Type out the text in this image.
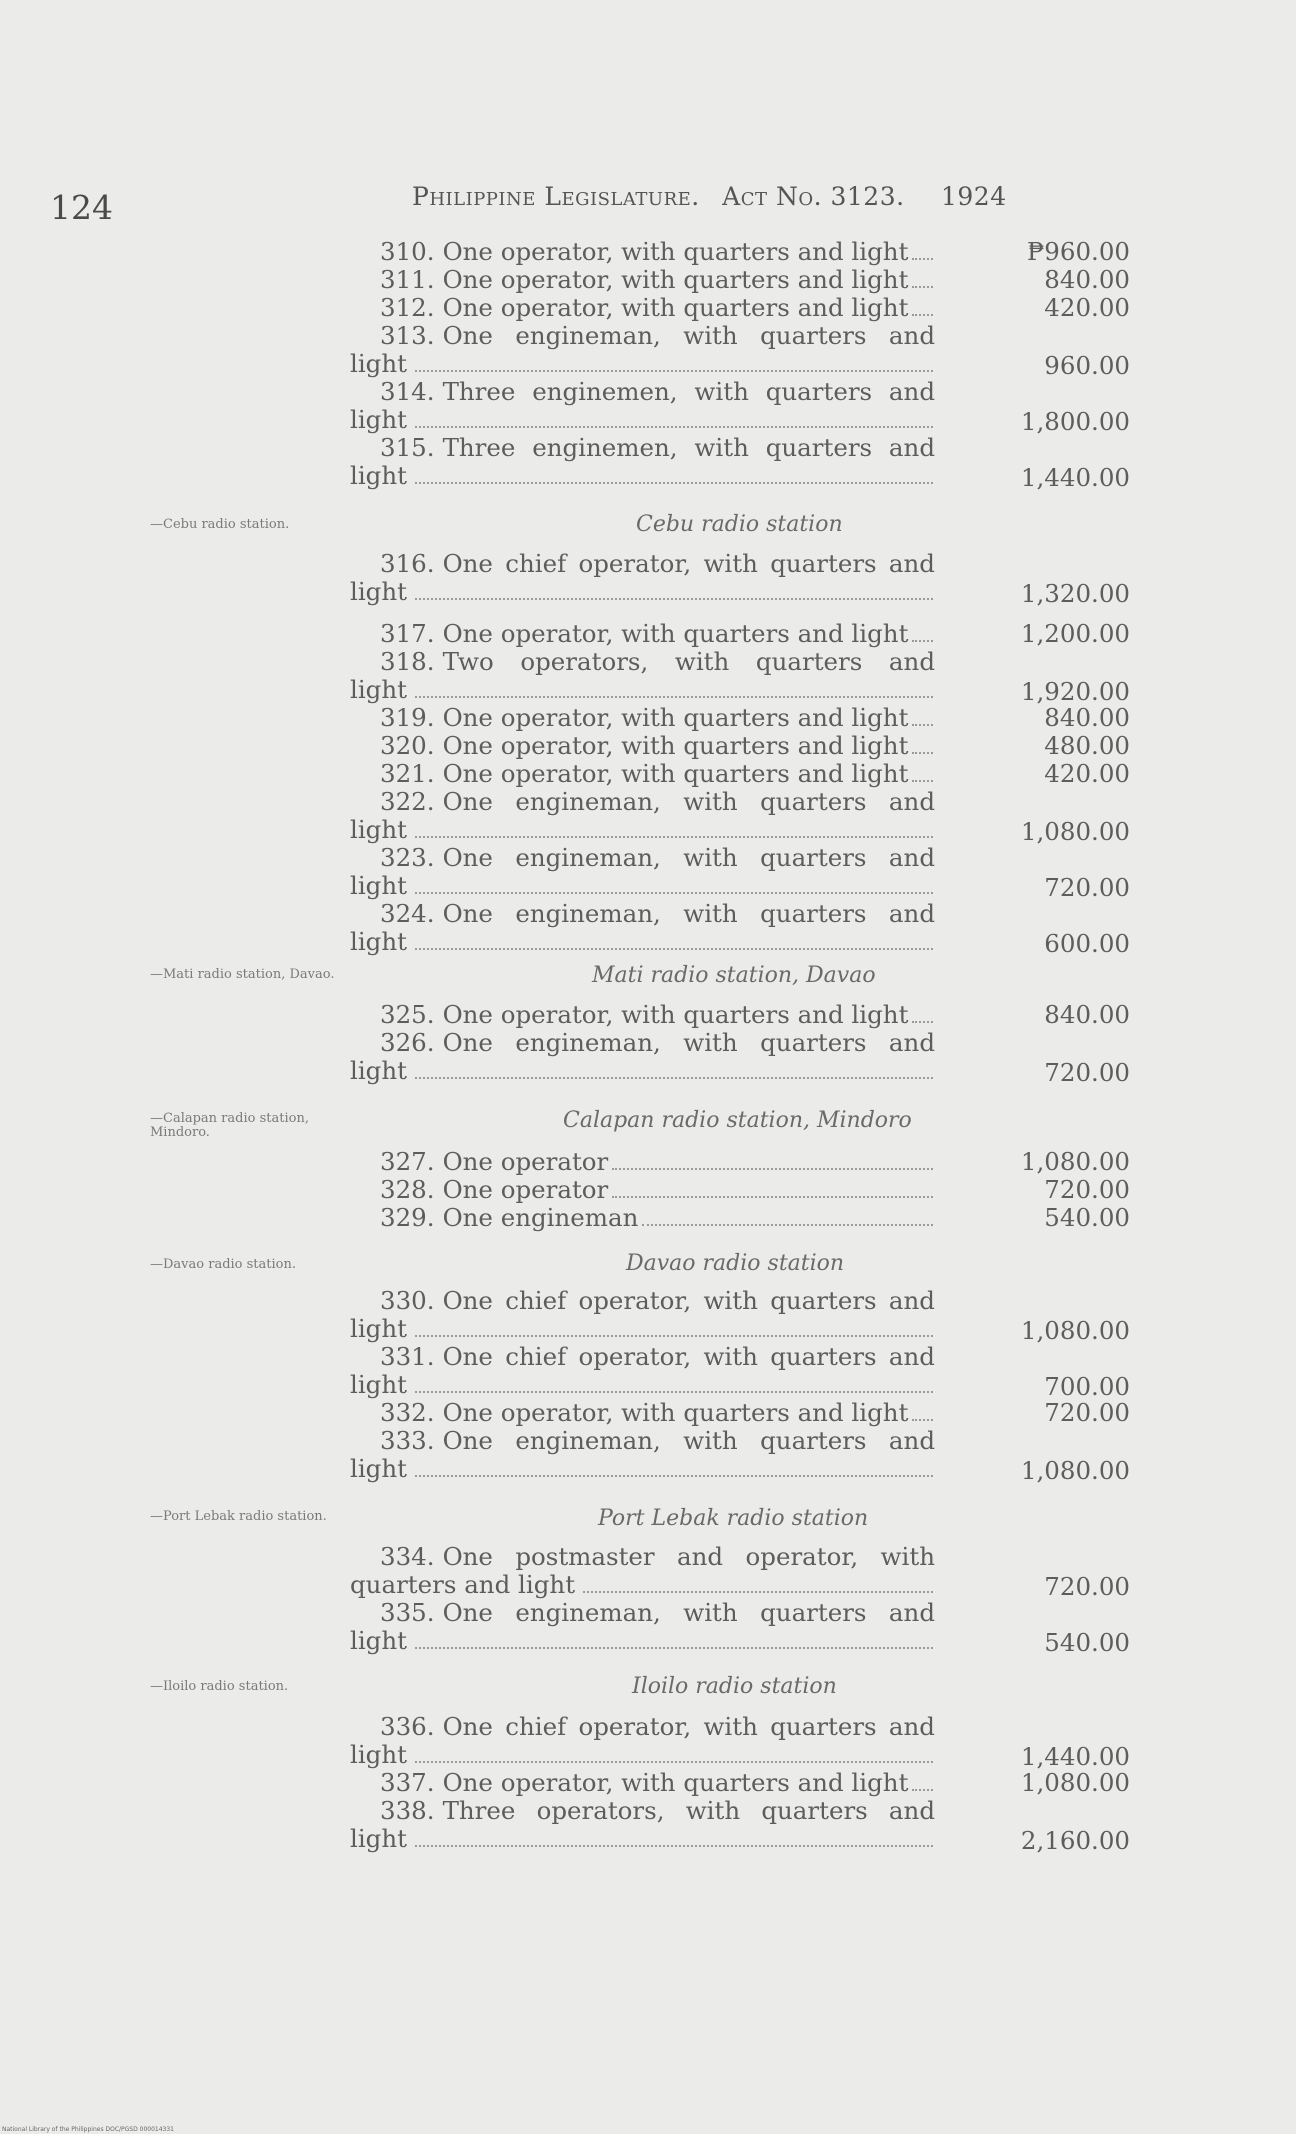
124	Philippine Legislature. Act No. 3123. 1924
310. One operator, with quarters and light	₱960.00
311. One operator, with quarters and light	840.00
312. One operator, with quarters and light	420.00
313. One engineman, with quarters and
light	960.00
314. Three enginemen, with quarters and
light	1,800.00
315. Three enginemen, with quarters and
light	1,440.00
Cebu radio station
—Cebu radio station.
316. One chief operator, with quarters and
light	1,320.00
317. One operator, with quarters and light	1,200.00
318. Two operators, with quarters and
light	1,920.00
319. One operator, with quarters and light	840.00
320. One operator, with quarters and light	480.00
321. One operator, with quarters and light	420.00
322. One engineman, with quarters and
light	1,080.00
323. One engineman, with quarters and
light	720.00
324. One engineman, with quarters and
light	600.00
Mati radio station, Davao
—Mati radio station, Davao.
325. One operator, with quarters and light	840.00
326. One engineman, with quarters and
light	720.00
Calapan radio station, Mindoro
—Calapan radio station, Mindoro.
327. One operator	1,080.00
328. One operator	720.00
329. One engineman	540.00
Davao radio station
—Davao radio station.
330. One chief operator, with quarters and
light	1,080.00
331. One chief operator, with quarters and
light	700.00
332. One operator, with quarters and light	720.00
333. One engineman, with quarters and
light	1,080.00
Port Lebak radio station
—Port Lebak radio station.
334. One postmaster and operator, with
quarters and light	720.00
335. One engineman, with quarters and
light	540.00
Iloilo radio station
—Iloilo radio station.
336. One chief operator, with quarters and
light	1,440.00
337. One operator, with quarters and light	1,080.00
338. Three operators, with quarters and
light	2,160.00
National Library of the Philippines DOC/PGSD 000014331
